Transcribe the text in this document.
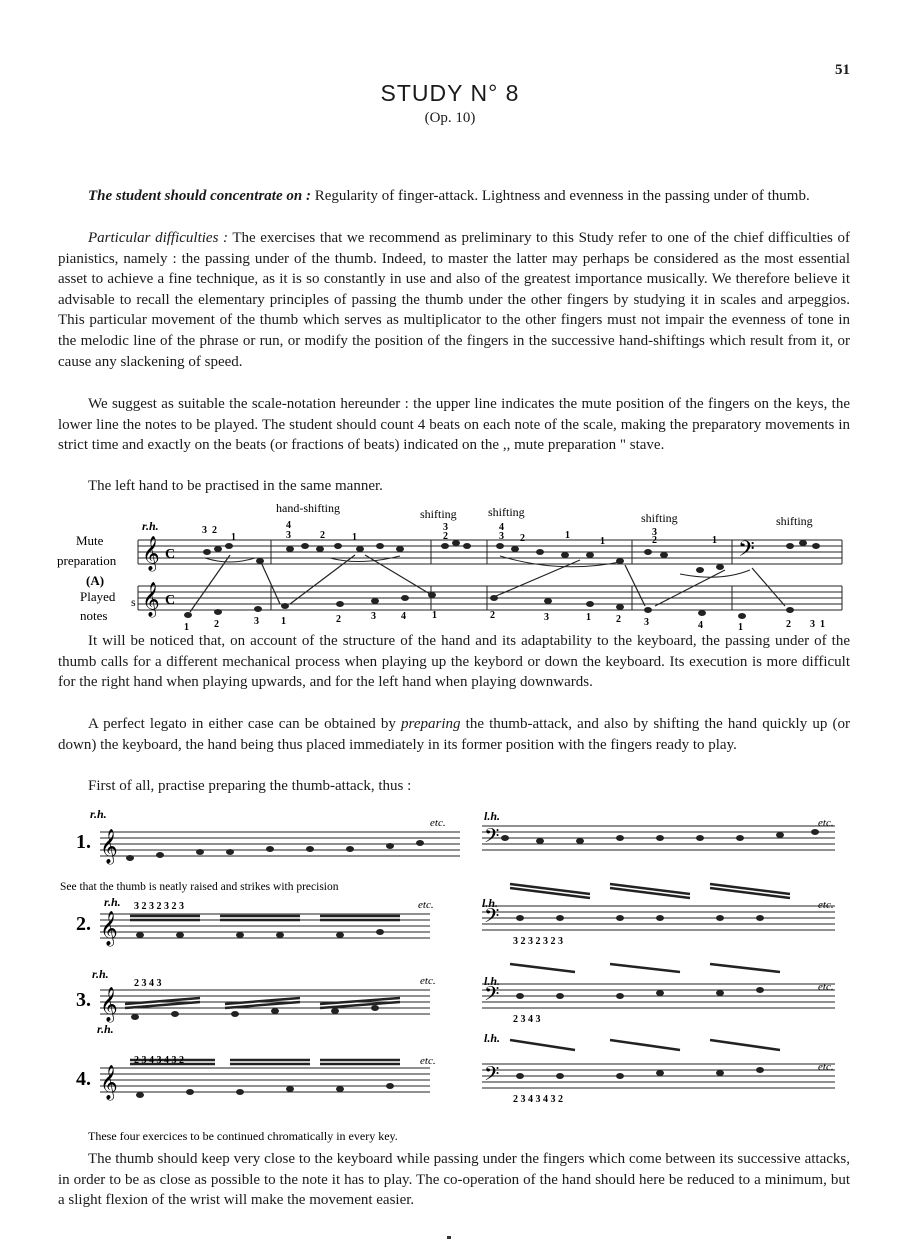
51
STUDY N° 8
(Op. 10)

The student should concentrate on : Regularity of finger-attack. Lightness and evenness in the passing under of thumb.

Particular difficulties : The exercises that we recommend as preliminary to this Study refer to one of the chief difficulties of pianistics, namely : the passing under of the thumb. Indeed, to master the latter may perhaps be considered as the most essential asset to achieve a fine technique, as it is so constantly in use and also of the greatest importance musically. We therefore believe it advisable to recall the elementary principles of passing the thumb under the other fingers by studying it in scales and arpeggios. This particular movement of the thumb which serves as multiplicator to the other fingers must not impair the evenness of tone in the melodic line of the phrase or run, or modify the position of the fingers in the successive hand-shiftings which result from it, or cause any slackening of speed.

We suggest as suitable the scale-notation hereunder : the upper line indicates the mute position of the fingers on the keys, the lower line the notes to be played. The student should count 4 beats on each note of the scale, making the preparatory movements in strict time and exactly on the beats (or fractions of beats) indicated on the ,, mute preparation " stave.

The left hand to be practised in the same manner.

Mute
preparation
(A)
Played
notes
s
r.h.
hand-shifting	shifting	shifting	shifting	shifting
𝄞
𝄞
C
C
𝄢
3 2
1
4
3	2	1
3
2	1
4
3 2	1
3
2	1
1	2	3 1	2	3	4	1	2	3	1	2 3	4	1	2 3 1

It will be noticed that, on account of the structure of the hand and its adaptability to the keyboard, the passing under of the thumb calls for a different mechanical process when playing up the keybord or down the keyboard. Its execution is more difficult for the right hand when playing upwards, and for the left hand when playing downwards.

A perfect legato in either case can be obtained by preparing the thumb-attack, and also by shifting the hand quickly up (or down) the keyboard, the hand being thus placed immediately in its former position with the fingers ready to play.

First of all, practise preparing the thumb-attack, thus :

r.h.
r.h.
r.h.
r.h.
l.h.
l.h.
l.h.
l.h.
1.
2.
3.
4.
𝄞
𝄞
𝄞
𝄞
𝄢
𝄢
𝄢
𝄢
etc.
etc.
etc.
etc.
etc.
etc.
etc.
etc.
3 2 3 2 3 2 3
3 2 3 2 3 2 3
2 3 4 3
2 3 4 3
2 3 4 3 4 3 2
2 3 4 3 4 3 2
See that the thumb is neatly raised and strikes with precision
These four exercices to be continued chromatically in every key.

The thumb should keep very close to the keyboard while passing under the fingers which come between its successive attacks, in order to be as close as possible to the note it has to play. The co-operation of the hand should here be reduced to a minimum, but a slight flexion of the wrist will make the movement easier.
